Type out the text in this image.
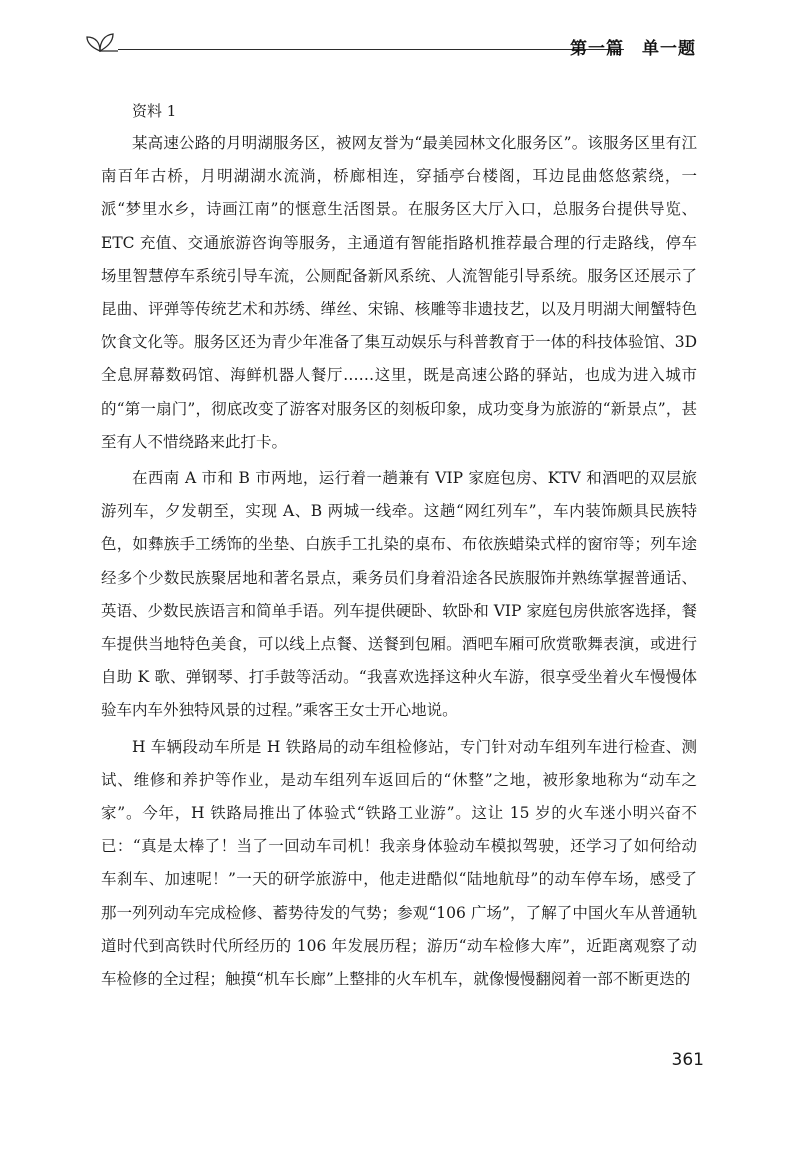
第一篇　单一题
资料 1

某高速公路的月明湖服务区，被网友誉为“最美园林文化服务区”。该服务区里有江南百年古桥，月明湖湖水流淌，桥廊相连，穿插亭台楼阁，耳边昆曲悠悠萦绕，一派“梦里水乡，诗画江南”的惬意生活图景。在服务区大厅入口，总服务台提供导览、ETC 充值、交通旅游咨询等服务，主通道有智能指路机推荐最合理的行走路线，停车场里智慧停车系统引导车流，公厕配备新风系统、人流智能引导系统。服务区还展示了昆曲、评弹等传统艺术和苏绣、缂丝、宋锦、核雕等非遗技艺，以及月明湖大闸蟹特色饮食文化等。服务区还为青少年准备了集互动娱乐与科普教育于一体的科技体验馆、3D 全息屏幕数码馆、海鲜机器人餐厅……这里，既是高速公路的驿站，也成为进入城市的“第一扇门”，彻底改变了游客对服务区的刻板印象，成功变身为旅游的“新景点”，甚至有人不惜绕路来此打卡。

在西南 A 市和 B 市两地，运行着一趟兼有 VIP 家庭包房、KTV 和酒吧的双层旅游列车，夕发朝至，实现 A、B 两城一线牵。这趟“网红列车”，车内装饰颇具民族特色，如彝族手工绣饰的坐垫、白族手工扎染的桌布、布依族蜡染式样的窗帘等；列车途经多个少数民族聚居地和著名景点，乘务员们身着沿途各民族服饰并熟练掌握普通话、英语、少数民族语言和简单手语。列车提供硬卧、软卧和 VIP 家庭包房供旅客选择，餐车提供当地特色美食，可以线上点餐、送餐到包厢。酒吧车厢可欣赏歌舞表演，或进行自助 K 歌、弹钢琴、打手鼓等活动。“我喜欢选择这种火车游，很享受坐着火车慢慢体验车内车外独特风景的过程。”乘客王女士开心地说。

H 车辆段动车所是 H 铁路局的动车组检修站，专门针对动车组列车进行检查、测试、维修和养护等作业，是动车组列车返回后的“休整”之地，被形象地称为“动车之家”。今年，H 铁路局推出了体验式“铁路工业游”。这让 15 岁的火车迷小明兴奋不已：“真是太棒了！当了一回动车司机！我亲身体验动车模拟驾驶，还学习了如何给动车刹车、加速呢！”一天的研学旅游中，他走进酷似“陆地航母”的动车停车场，感受了那一列列动车完成检修、蓄势待发的气势；参观“106 广场”，了解了中国火车从普通轨道时代到高铁时代所经历的 106 年发展历程；游历“动车检修大库”，近距离观察了动车检修的全过程；触摸“机车长廊”上整排的火车机车，就像慢慢翻阅着一部不断更迭的

361
